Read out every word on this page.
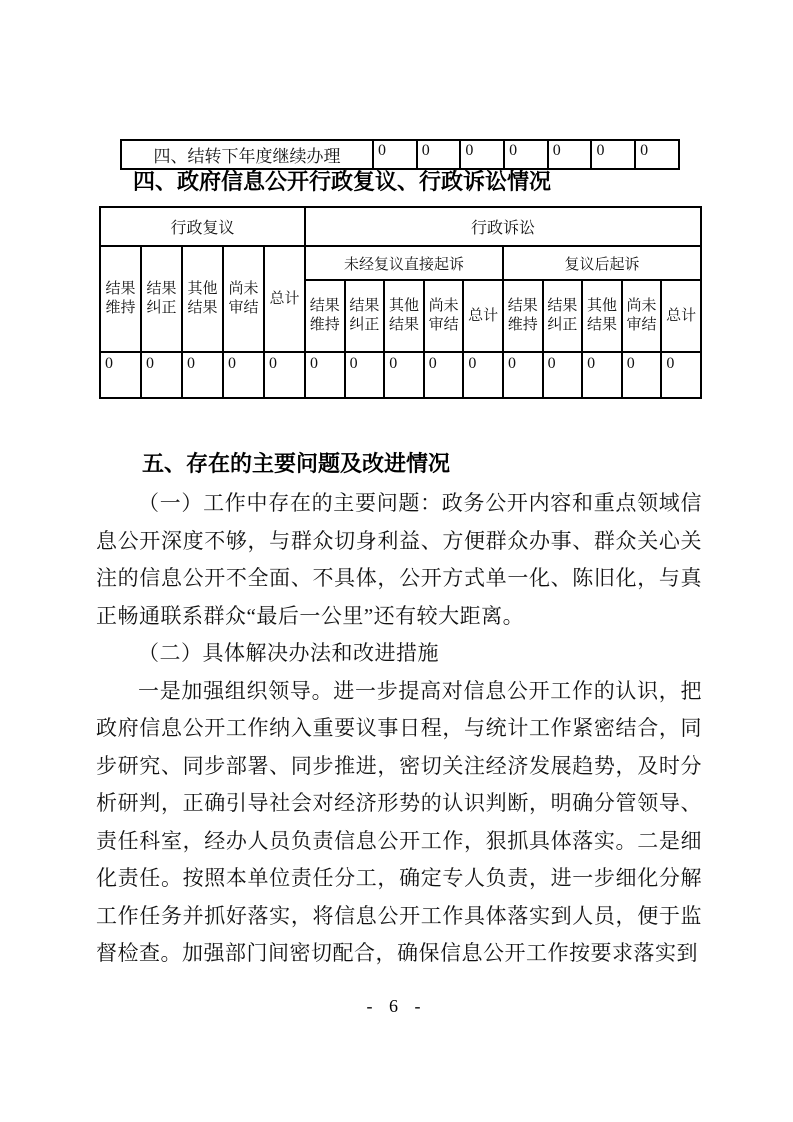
四、结转下年度继续办理	0	0	0	0	0	0	0
四、政府信息公开行政复议、行政诉讼情况
行政复议					行政诉讼									
结果维持	结果纠正	其他结果	尚未审结	总计	未经复议直接起诉					复议后起诉				
					结果维持	结果纠正	其他结果	尚未审结	总计	结果维持	结果纠正	其他结果	尚未审结	总计
0	0	0	0	0	0	0	0	0	0	0	0	0	0	0
五、存在的主要问题及改进情况

（一）工作中存在的主要问题：政务公开内容和重点领域信息公开深度不够，与群众切身利益、方便群众办事、群众关心关注的信息公开不全面、不具体，公开方式单一化、陈旧化，与真正畅通联系群众“最后一公里”还有较大距离。

（二）具体解决办法和改进措施

一是加强组织领导。进一步提高对信息公开工作的认识，把政府信息公开工作纳入重要议事日程，与统计工作紧密结合，同步研究、同步部署、同步推进，密切关注经济发展趋势，及时分析研判，正确引导社会对经济形势的认识判断，明确分管领导、责任科室，经办人员负责信息公开工作，狠抓具体落实。二是细化责任。按照本单位责任分工，确定专人负责，进一步细化分解工作任务并抓好落实，将信息公开工作具体落实到人员，便于监督检查。加强部门间密切配合，确保信息公开工作按要求落实到

- 6 -
